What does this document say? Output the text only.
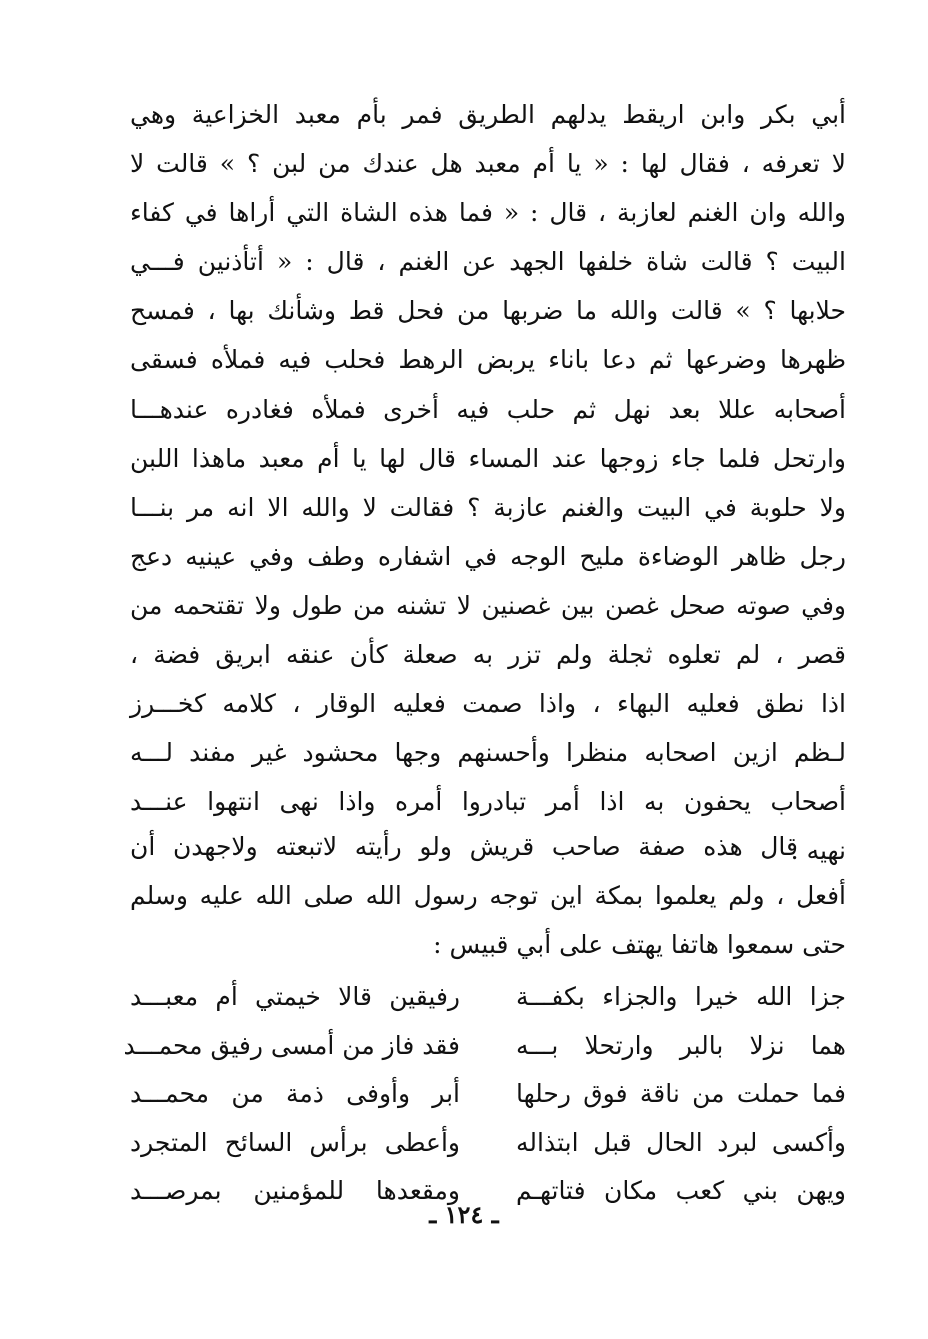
أبي بكر وابن اريقط يدلهم الطريق فمر بأم معبد الخزاعية وهي
لا تعرفه ، فقال لها : « يا أم معبد هل عندك من لبن ؟ » قالت لا
والله وان الغنم لعازبة ، قال : « فما هذه الشاة التي أراها في كفاء
البيت ؟ قالت شاة خلفها الجهد عن الغنم ، قال : « أتأذنين فـــي
حلابها ؟ » قالت والله ما ضربها من فحل قط وشأنك بها ، فمسح
ظهرها وضرعها ثم دعا باناء يربض الرهط فحلب فيه فملأه فسقى
أصحابه عللا بعد نهل ثم حلب فيه أخرى فملأه فغادره عندهـــا
وارتحل فلما جاء زوجها عند المساء قال لها يا أم معبد ماهذا اللبن
ولا حلوبة في البيت والغنم عازبة ؟ فقالت لا والله الا انه مر بنـــا
رجل ظاهر الوضاءة مليح الوجه في اشفاره وطف وفي عينيه دعج
وفي صوته صحل غصن بين غصنين لا تشنه من طول ولا تقتحمه من
قصر ، لم تعلوه ثجلة ولم تزر به صعلة كأن عنقه ابريق فضة ،
اذا نطق فعليه البهاء ، واذا صمت فعليه الوقار ، كلامه كخـــرز
لـظم ازين اصحابه منظرا وأحسنهم وجها محشود غير مفند لـــه
أصحاب يحفون به اذا أمر تبادروا أمره واذا نهى انتهوا عنـــد
نهيه .
قال هذه صفة صاحب قريش ولو رأيته لاتبعته ولاجهدن أن
أفعل ، ولم يعلموا بمكة اين توجه رسول الله صلى الله عليه وسلم
حتى سمعوا هاتفا يهتف على أبي قبيس :
جزا الله خيرا والجزاء بكفـــة
رفيقين قالا خيمتي أم معبـــد
هما نزلا بالبر وارتحلا بـــه
فقد فاز من أمسى رفيق محمـــد
فما حملت من ناقة فوق رحلها
أبر وأوفى ذمة من محمـــد
وأكسى لبرد الحال قبل ابتذاله
وأعطى برأس السائح المتجرد
ويهن بني كعب مكان فتاتهـم
ومقعدها للمؤمنين بمرصـــد
ـ ١٢٤ ـ
